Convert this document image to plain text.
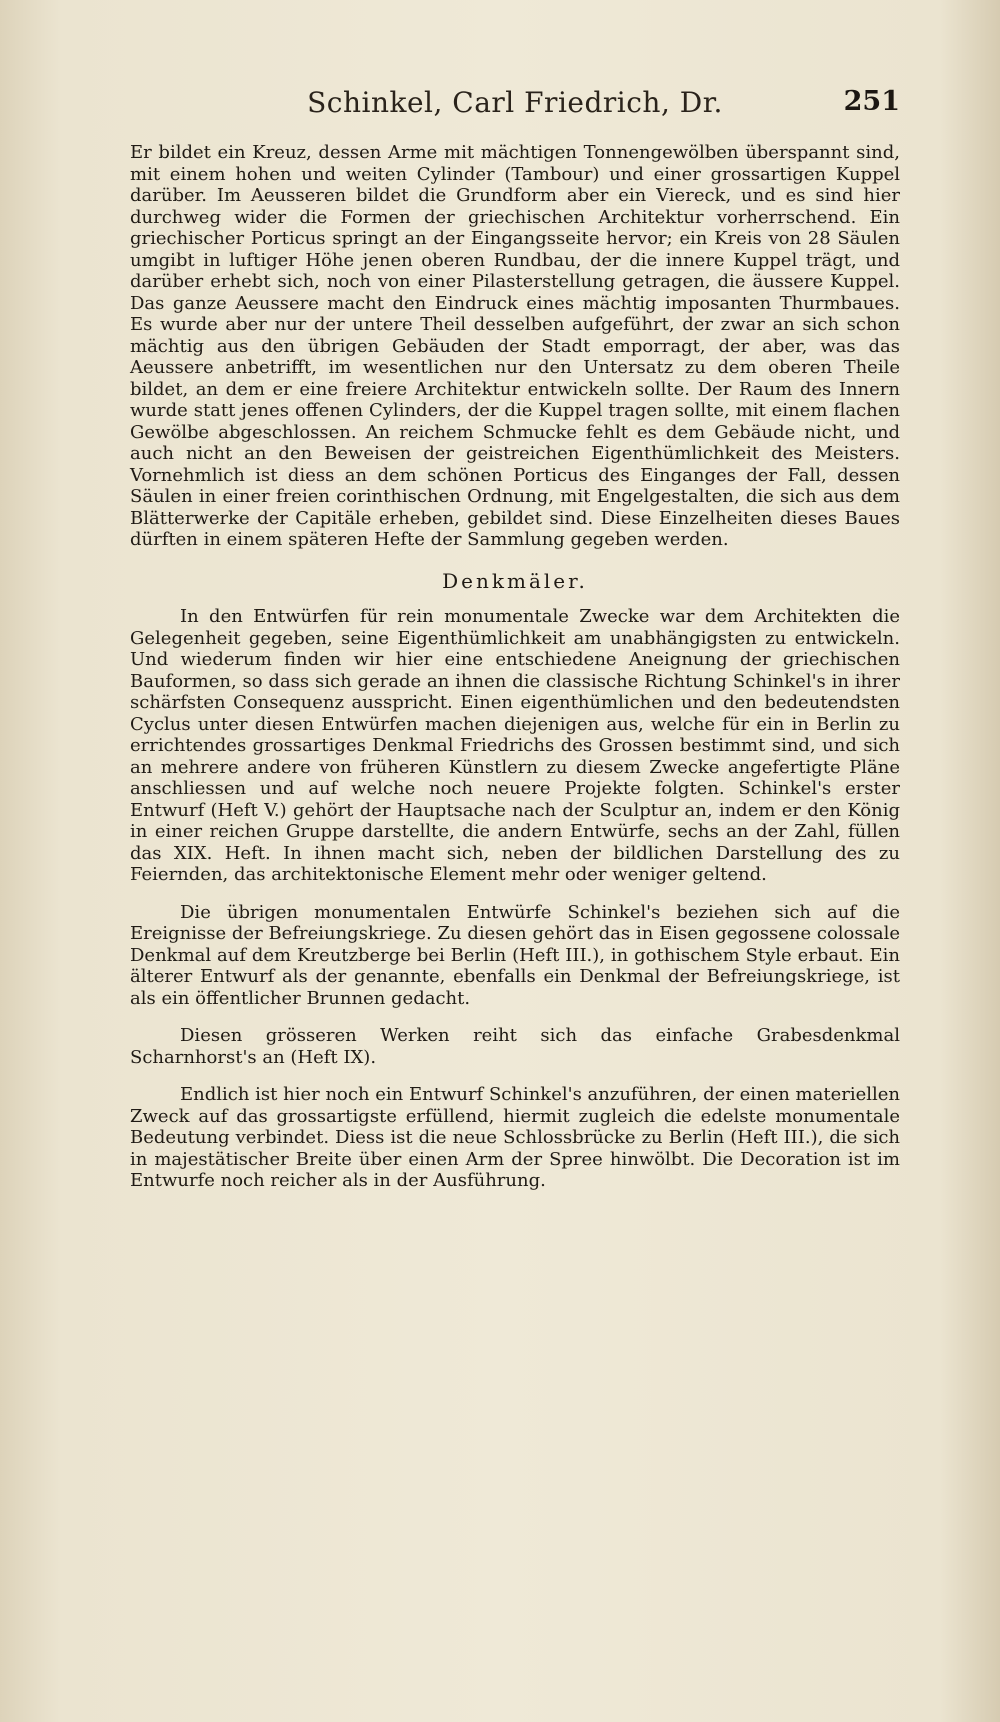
Schinkel, Carl Friedrich, Dr.	251

Er bildet ein Kreuz, dessen Arme mit mächtigen Tonnengewölben überspannt sind, mit einem hohen und weiten Cylinder (Tambour) und einer grossartigen Kuppel darüber. Im Aeusseren bildet die Grundform aber ein Viereck, und es sind hier durchweg wider die Formen der griechischen Architektur vorherrschend. Ein griechischer Porticus springt an der Eingangsseite hervor; ein Kreis von 28 Säulen umgibt in luftiger Höhe jenen oberen Rundbau, der die innere Kuppel trägt, und darüber erhebt sich, noch von einer Pilasterstellung getragen, die äussere Kuppel. Das ganze Aeussere macht den Eindruck eines mächtig imposanten Thurmbaues. Es wurde aber nur der untere Theil desselben aufgeführt, der zwar an sich schon mächtig aus den übrigen Gebäuden der Stadt emporragt, der aber, was das Aeussere anbetrifft, im wesentlichen nur den Untersatz zu dem oberen Theile bildet, an dem er eine freiere Architektur entwickeln sollte. Der Raum des Innern wurde statt jenes offenen Cylinders, der die Kuppel tragen sollte, mit einem flachen Gewölbe abgeschlossen. An reichem Schmucke fehlt es dem Gebäude nicht, und auch nicht an den Beweisen der geistreichen Eigenthümlichkeit des Meisters. Vornehmlich ist diess an dem schönen Porticus des Einganges der Fall, dessen Säulen in einer freien corinthischen Ordnung, mit Engelgestalten, die sich aus dem Blätterwerke der Capitäle erheben, gebildet sind. Diese Einzelheiten dieses Baues dürften in einem späteren Hefte der Sammlung gegeben werden.

Denkmäler.

In den Entwürfen für rein monumentale Zwecke war dem Architekten die Gelegenheit gegeben, seine Eigenthümlichkeit am unabhängigsten zu entwickeln. Und wiederum finden wir hier eine entschiedene Aneignung der griechischen Bauformen, so dass sich gerade an ihnen die classische Richtung Schinkel's in ihrer schärfsten Consequenz ausspricht. Einen eigenthümlichen und den bedeutendsten Cyclus unter diesen Entwürfen machen diejenigen aus, welche für ein in Berlin zu errichtendes grossartiges Denkmal Friedrichs des Grossen bestimmt sind, und sich an mehrere andere von früheren Künstlern zu diesem Zwecke angefertigte Pläne anschliessen und auf welche noch neuere Projekte folgten. Schinkel's erster Entwurf (Heft V.) gehört der Hauptsache nach der Sculptur an, indem er den König in einer reichen Gruppe darstellte, die andern Entwürfe, sechs an der Zahl, füllen das XIX. Heft. In ihnen macht sich, neben der bildlichen Darstellung des zu Feiernden, das architektonische Element mehr oder weniger geltend.

Die übrigen monumentalen Entwürfe Schinkel's beziehen sich auf die Ereignisse der Befreiungskriege. Zu diesen gehört das in Eisen gegossene colossale Denkmal auf dem Kreutzberge bei Berlin (Heft III.), in gothischem Style erbaut. Ein älterer Entwurf als der genannte, ebenfalls ein Denkmal der Befreiungskriege, ist als ein öffentlicher Brunnen gedacht.

Diesen grösseren Werken reiht sich das einfache Grabesdenkmal Scharnhorst's an (Heft IX).

Endlich ist hier noch ein Entwurf Schinkel's anzuführen, der einen materiellen Zweck auf das grossartigste erfüllend, hiermit zugleich die edelste monumentale Bedeutung verbindet. Diess ist die neue Schlossbrücke zu Berlin (Heft III.), die sich in majestätischer Breite über einen Arm der Spree hinwölbt. Die Decoration ist im Entwurfe noch reicher als in der Ausführung.
